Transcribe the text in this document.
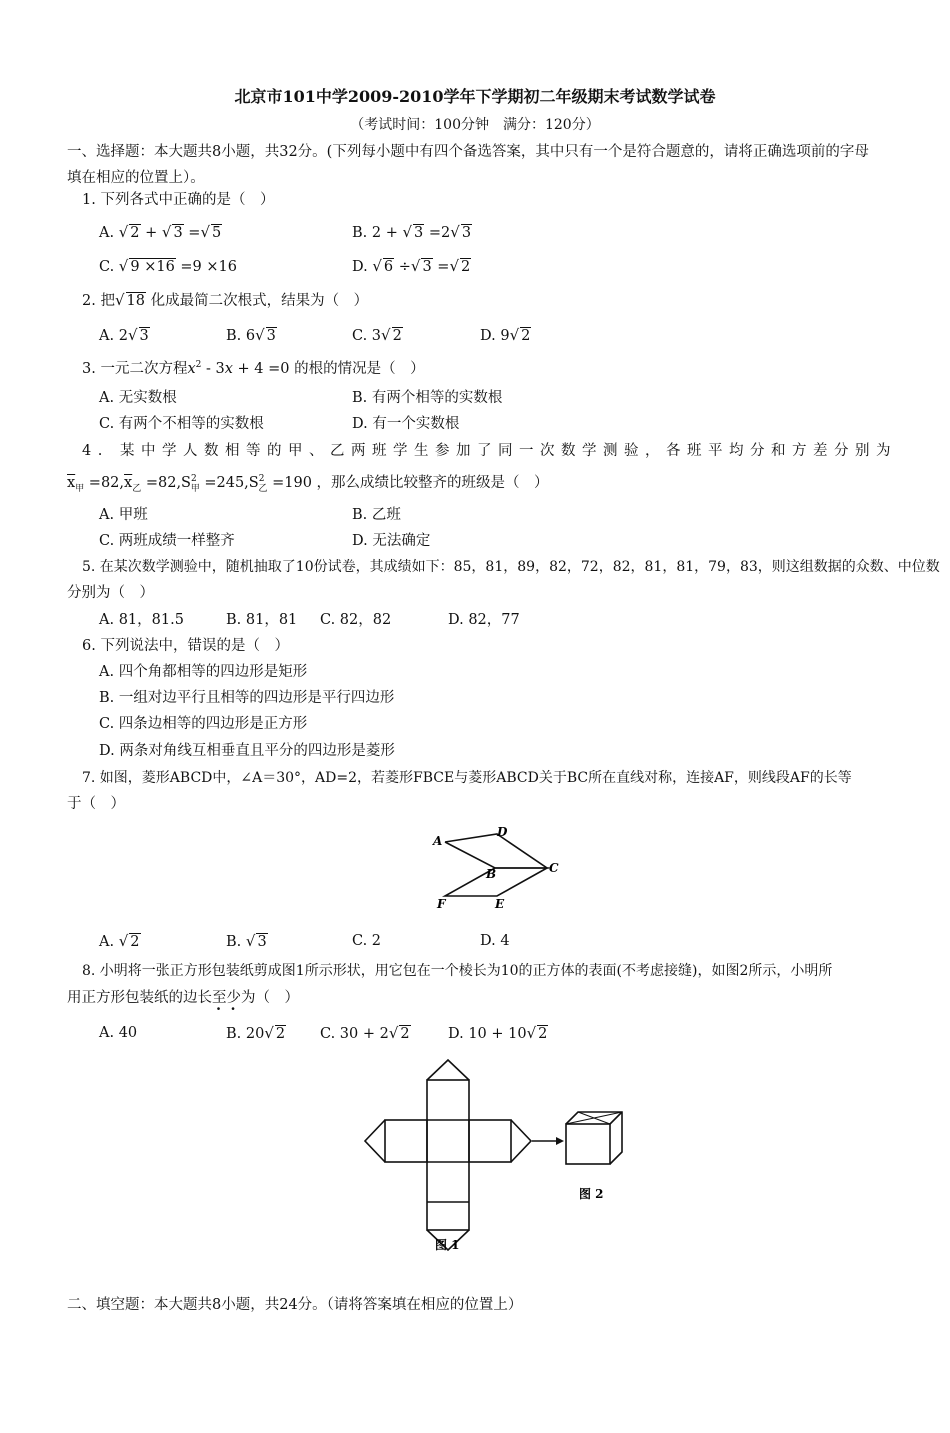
北京市101中学2009-2010学年下学期初二年级期末考试数学试卷
（考试时间：100分钟　满分：120分）
一、选择题：本大题共8小题，共32分。(下列每小题中有四个备选答案，其中只有一个是符合题意的，请将正确选项前的字母
填在相应的位置上）。
1. 下列各式中正确的是（　）
A. √ 2 + √ 3 =√ 5	B. 2 + √ 3 =2√ 3
C. √ 9 ×16 =9 ×16	D. √ 6 ÷√ 3 =√ 2
2. 把√ 18 化成最简二次根式，结果为（　）
A. 2√ 3	B. 6√ 3	C. 3√ 2	D. 9√ 2
3. 一元二次方程$x^2 - 3x + 4 =0$ 的根的情况是（　）
A. 无实数根	B. 有两个相等的实数根
C. 有两个不相等的实数根	D. 有一个实数根
4. 某中学人数相等的甲、乙两班学生参加了同一次数学测验，各班平均分和方差分别为
$\overline{x}_甲 =82,\overline{x}_乙 =82,S^2_甲 =245,S^2_乙 =190$ ，那么成绩比较整齐的班级是（　）
A. 甲班	B. 乙班
C. 两班成绩一样整齐	D. 无法确定
5. 在某次数学测验中，随机抽取了10份试卷，其成绩如下：85，81，89，82，72，82，81，81，79，83，则这组数据的众数、中位数
分别为（　）
A. 81，81.5	B. 81，81 C. 82，82	D. 82，77
6. 下列说法中，错误的是（　）
A. 四个角都相等的四边形是矩形
B. 一组对边平行且相等的四边形是平行四边形
C. 四条边相等的四边形是正方形
D. 两条对角线互相垂直且平分的四边形是菱形
7. 如图，菱形ABCD中，∠A＝30°，AD=2，若菱形FBCE与菱形ABCD关于BC所在直线对称，连接AF，则线段AF的长等
于（　）
A
D
B	C
F	E
A. √ 2	B. √ 3	C. 2	D. 4
8. 小明将一张正方形包装纸剪成图1所示形状，用它包在一个棱长为10的正方体的表面(不考虑接缝)，如图2所示，小明所
用正方形包装纸的边长至少为（　）
A. 40	B. 20√ 2 C. 30 + 2√ 2	D. 10 + 10√ 2
图 1
图 2
二、填空题：本大题共8小题，共24分。（请将答案填在相应的位置上）
